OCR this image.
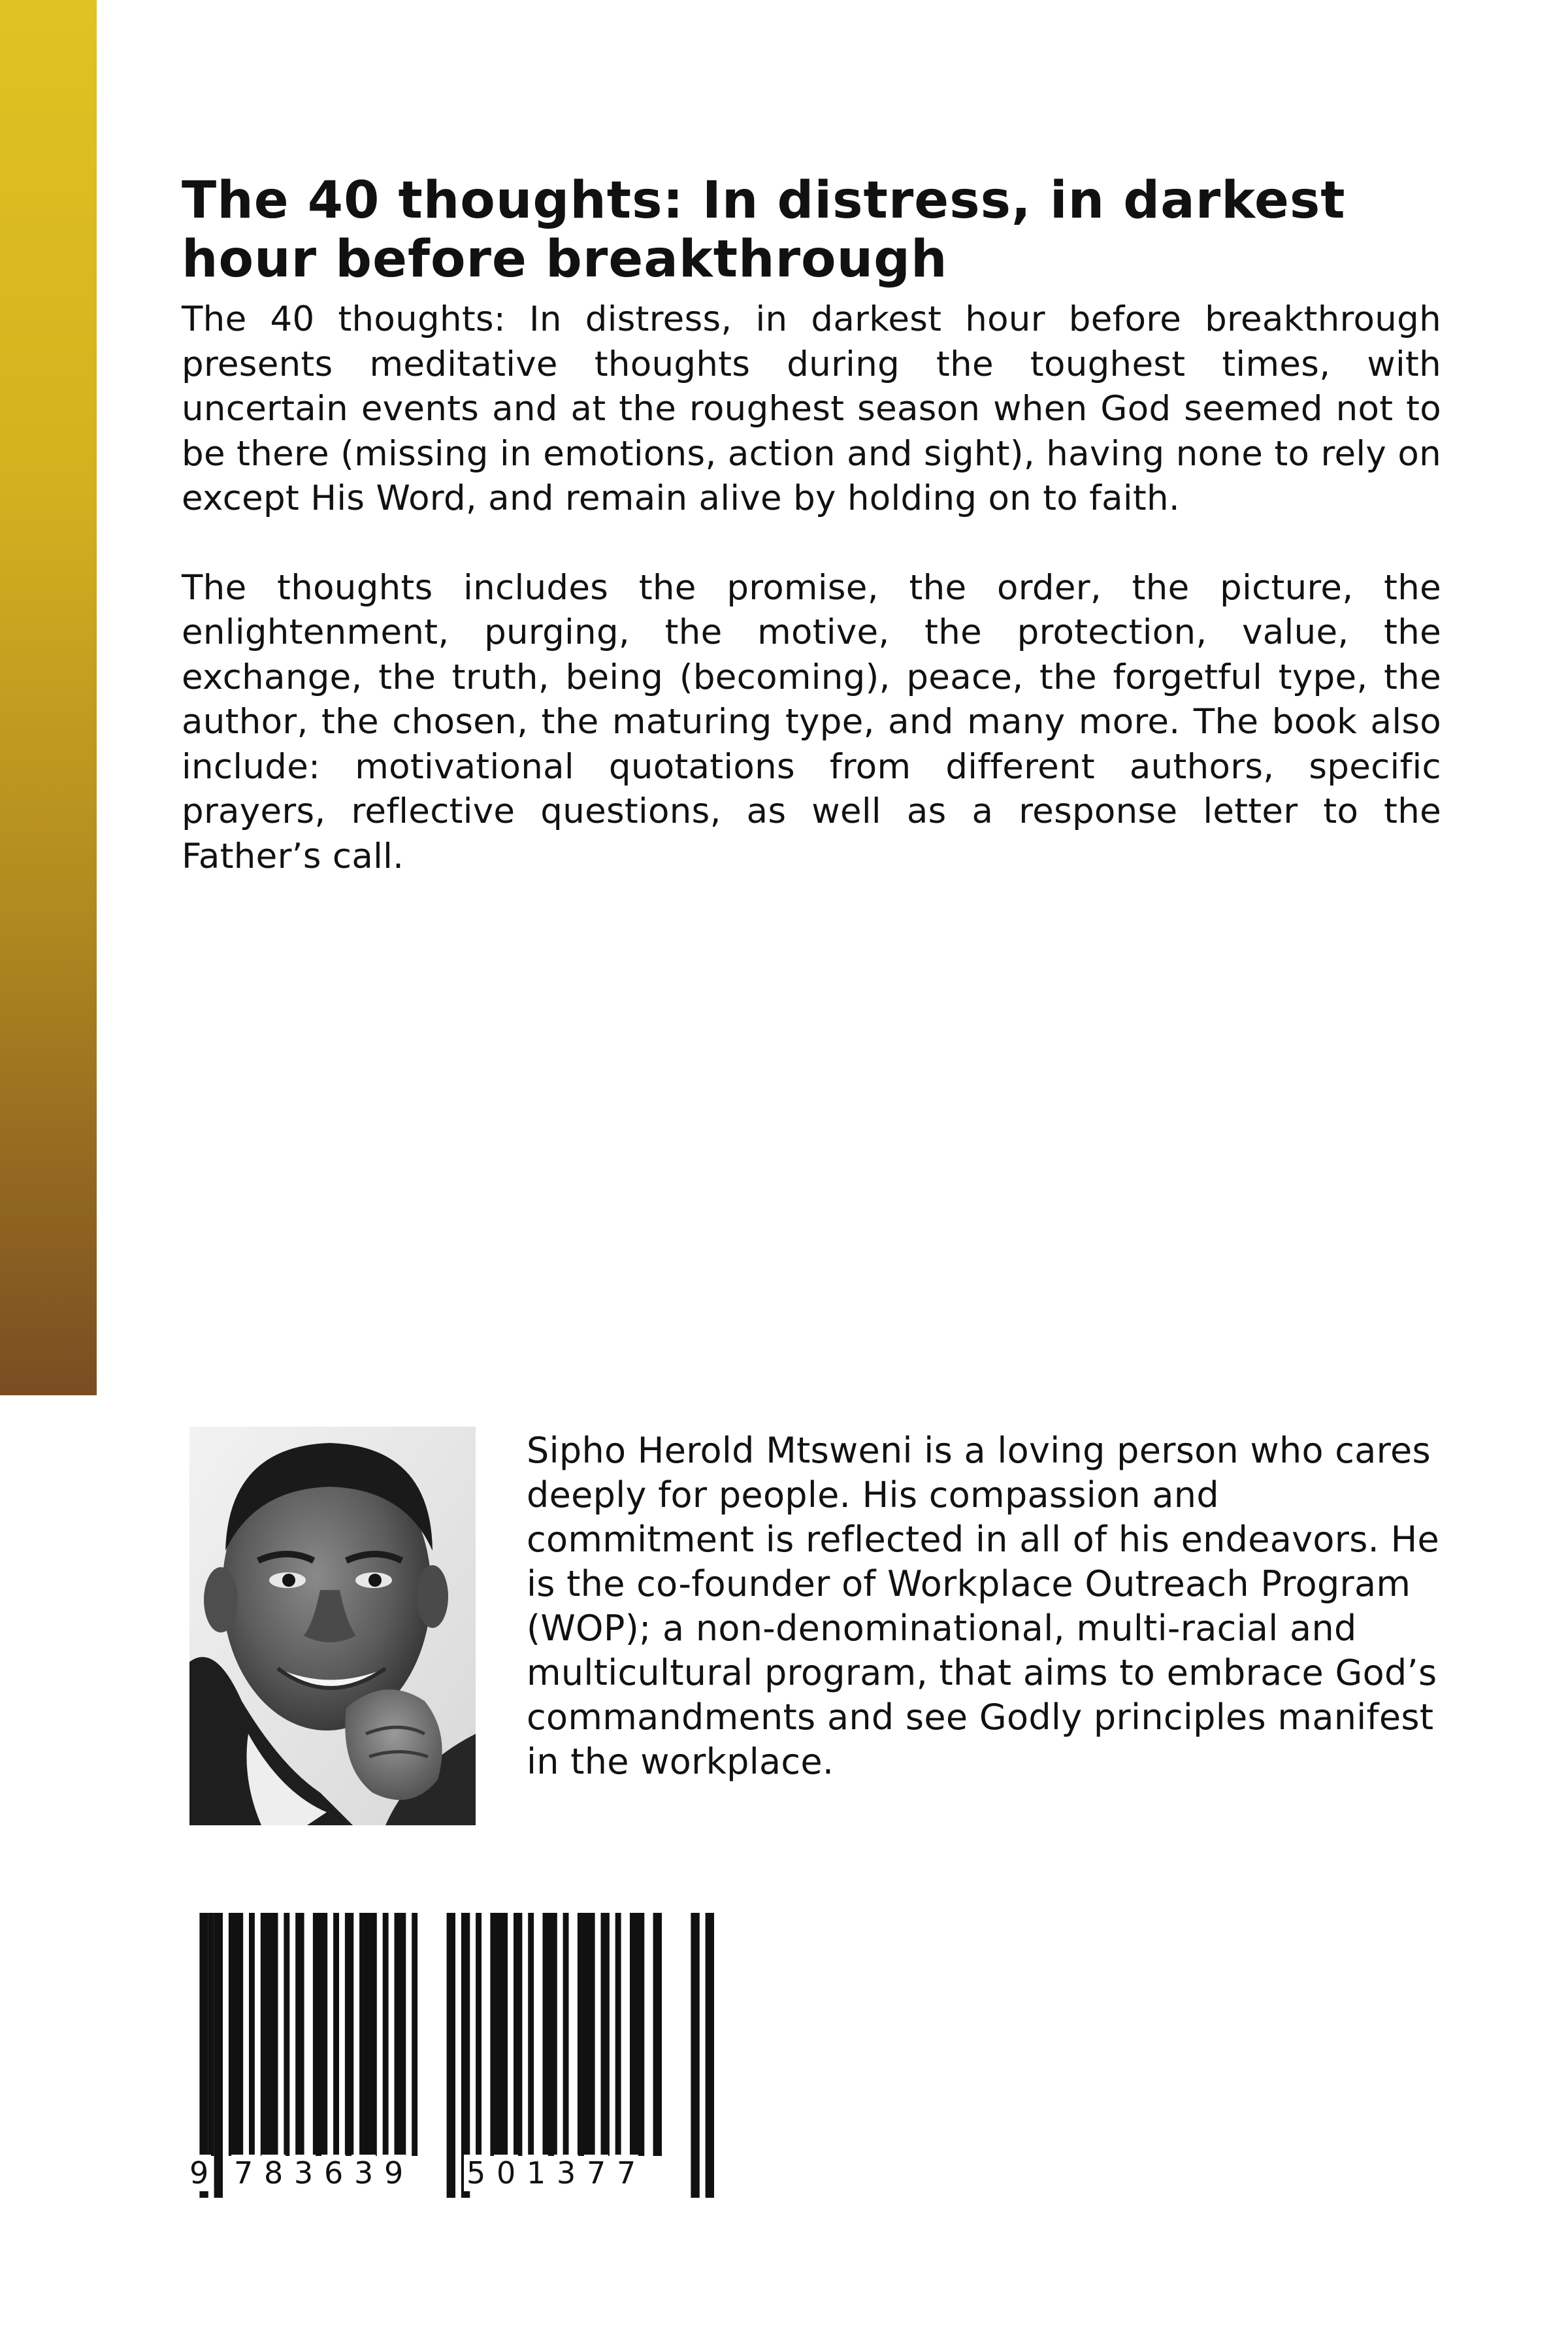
The 40 thoughts: In distress, in darkest hour before breakthrough

The 40 thoughts: In distress, in darkest hour before breakthrough presents meditative thoughts during the toughest times, with uncertain events and at the roughest season when God seemed not to be there (missing in emotions, action and sight), having none to rely on except His Word, and remain alive by holding on to faith.

The thoughts includes the promise, the order, the picture, the enlightenment, purging, the motive, the protection, value, the exchange, the truth, being (becoming), peace, the forgetful type, the author, the chosen, the maturing type, and many more. The book also include: motivational quotations from different authors, specific prayers, reflective questions, as well as a response letter to the Father’s call.

Sipho Herold Mtsweni is a loving person who cares deeply for people. His compassion and commitment is reflected in all of his endeavors. He is the co-founder of Workplace Outreach Program (WOP); a non-denominational, multi-racial and multicultural program, that aims to embrace God’s commandments and see Godly principles manifest in the workplace.

9 7 8 3 6 3 9 5 0 1 3 7 7
